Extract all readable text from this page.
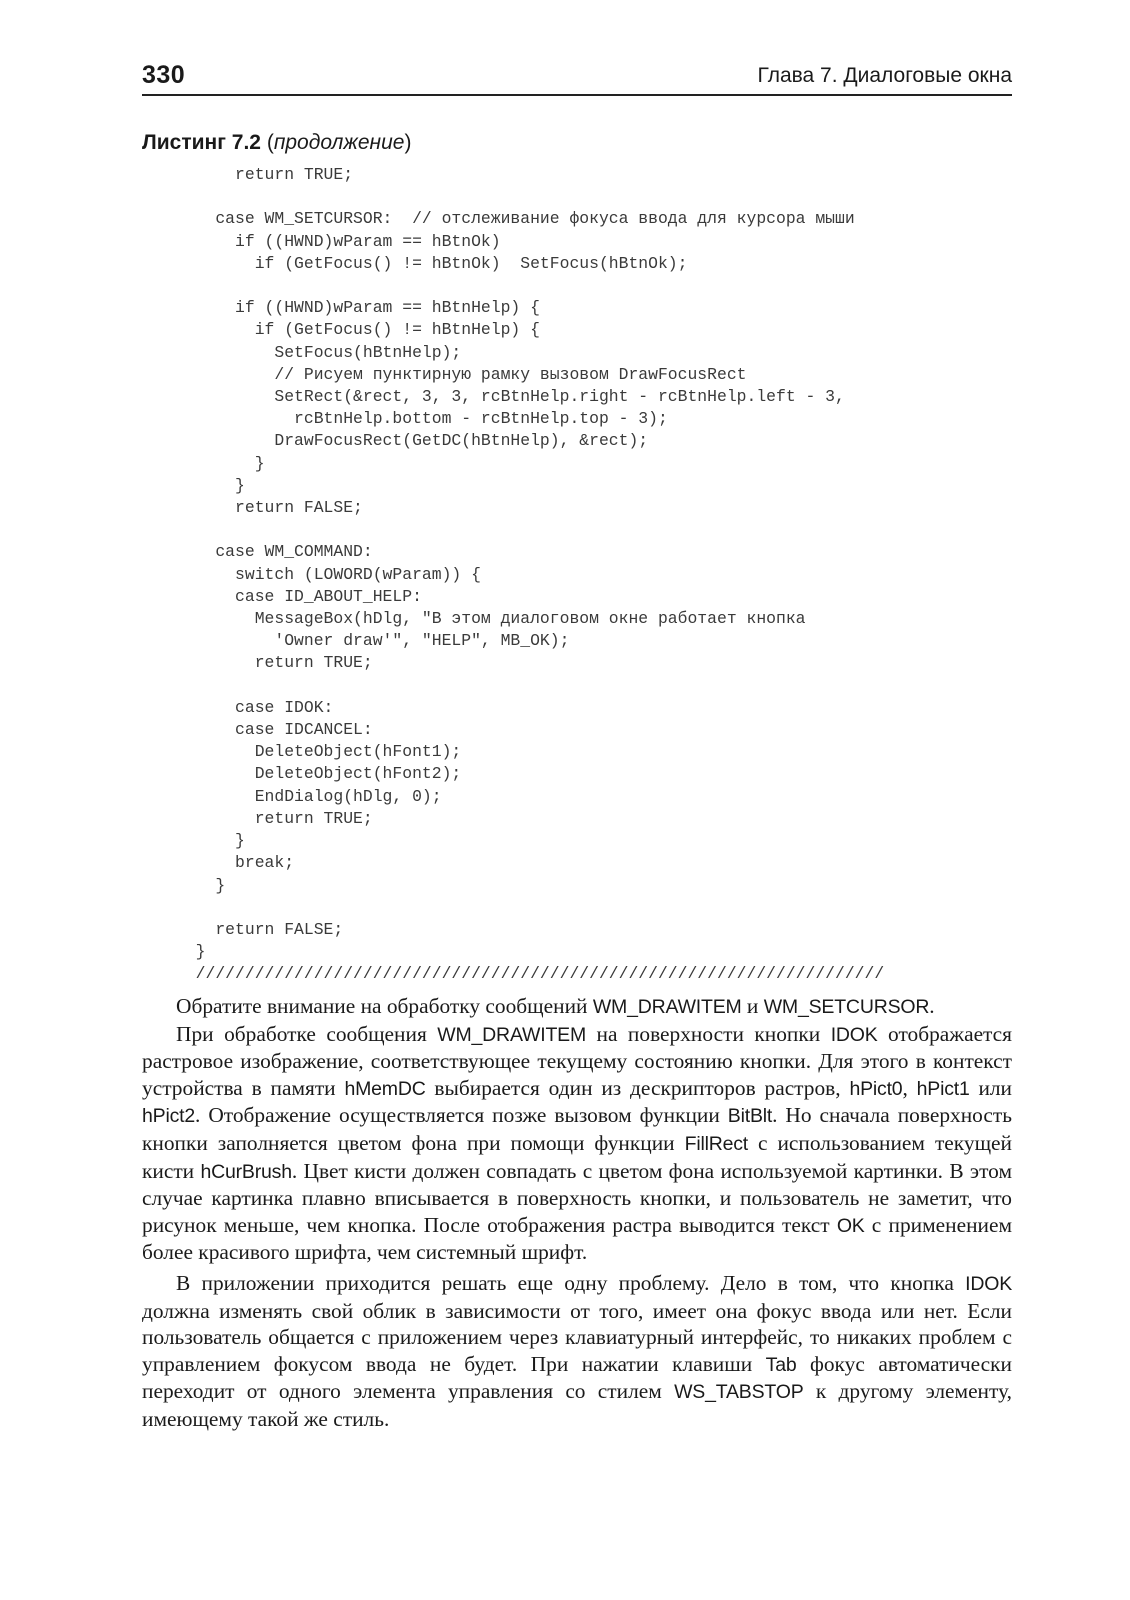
330	Глава 7. Диалоговые окна
Листинг 7.2 (продолжение)
return TRUE;

case WM_SETCURSOR:  // отслеживание фокуса ввода для курсора мыши
if ((HWND)wParam == hBtnOk)
if (GetFocus() != hBtnOk)  SetFocus(hBtnOk);

if ((HWND)wParam == hBtnHelp) {
if (GetFocus() != hBtnHelp) {
SetFocus(hBtnHelp);
// Рисуем пунктирную рамку вызовом DrawFocusRect
SetRect(&rect, 3, 3, rcBtnHelp.right - rcBtnHelp.left - 3,
rcBtnHelp.bottom - rcBtnHelp.top - 3);
DrawFocusRect(GetDC(hBtnHelp), &rect);
}
}
return FALSE;

case WM_COMMAND:
switch (LOWORD(wParam)) {
case ID_ABOUT_HELP:
MessageBox(hDlg, "В этом диалоговом окне работает кнопка
'Owner draw'", "HELP", MB_OK);
return TRUE;

case IDOK:
case IDCANCEL:
DeleteObject(hFont1);
DeleteObject(hFont2);
EndDialog(hDlg, 0);
return TRUE;
}
break;
}

return FALSE;
}
//////////////////////////////////////////////////////////////////////

Обратите внимание на обработку сообщений WM_DRAWITEM и WM_SETCURSOR.

При обработке сообщения WM_DRAWITEM на поверхности кнопки IDOK отображается растровое изображение, соответствующее текущему состоянию кнопки. Для этого в контекст устройства в памяти hMemDC выбирается один из дескрипторов растров, hPict0, hPict1 или hPict2. Отображение осуществляется позже вызовом функции BitBlt. Но сначала поверхность кнопки заполняется цветом фона при помощи функции FillRect с использованием текущей кисти hCurBrush. Цвет кисти должен совпадать с цветом фона используемой картинки. В этом случае картинка плавно вписывается в поверхность кнопки, и пользователь не заметит, что рисунок меньше, чем кнопка. После отображения растра выводится текст OK с применением более красивого шрифта, чем системный шрифт.

В приложении приходится решать еще одну проблему. Дело в том, что кнопка IDOK должна изменять свой облик в зависимости от того, имеет она фокус ввода или нет. Если пользователь общается с приложением через клавиатурный интерфейс, то никаких проблем с управлением фокусом ввода не будет. При нажатии клавиши Tab фокус автоматически переходит от одного элемента управления со стилем WS_TABSTOP к другому элементу, имеющему такой же стиль.
